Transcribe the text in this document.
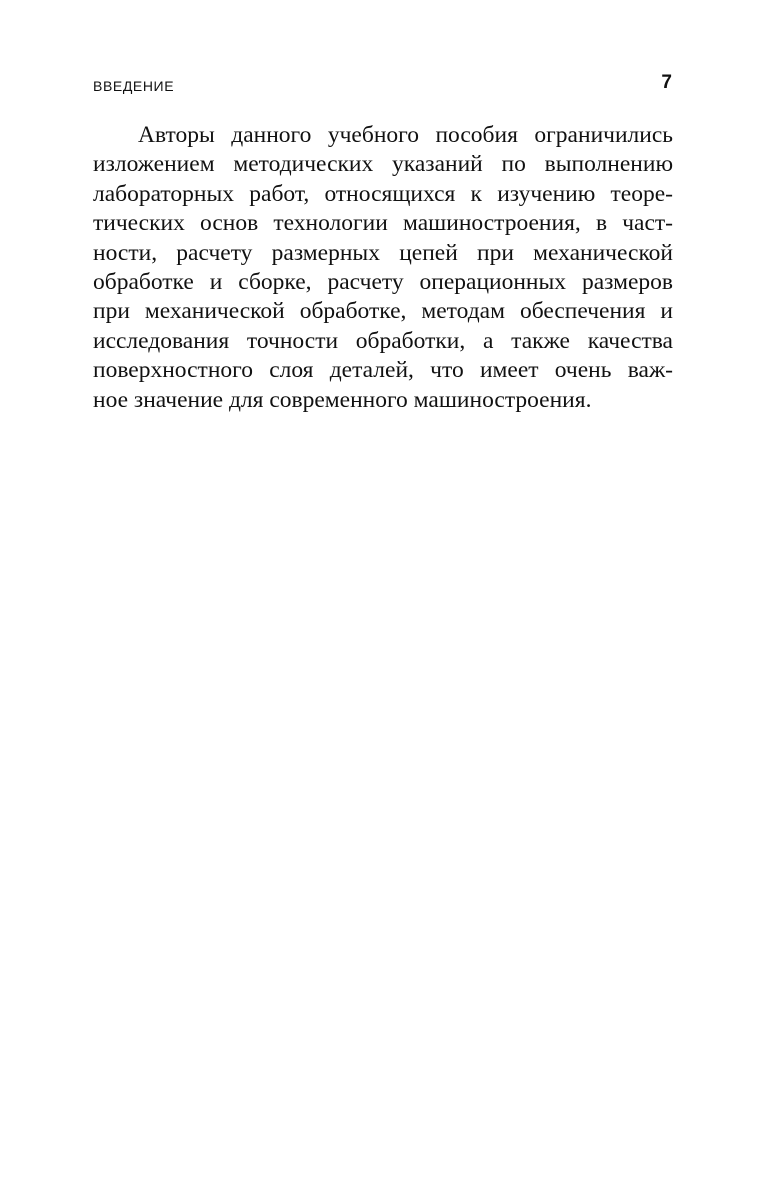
ВВЕДЕНИЕ	7
Авторы данного учебного пособия ограничились
изложением методических указаний по выполнению
лабораторных работ, относящихся к изучению теоре-
тических основ технологии машиностроения, в част-
ности, расчету размерных цепей при механической
обработке и сборке, расчету операционных размеров
при механической обработке, методам обеспечения и
исследования точности обработки, а также качества
поверхностного слоя деталей, что имеет очень важ-
ное значение для современного машиностроения.
